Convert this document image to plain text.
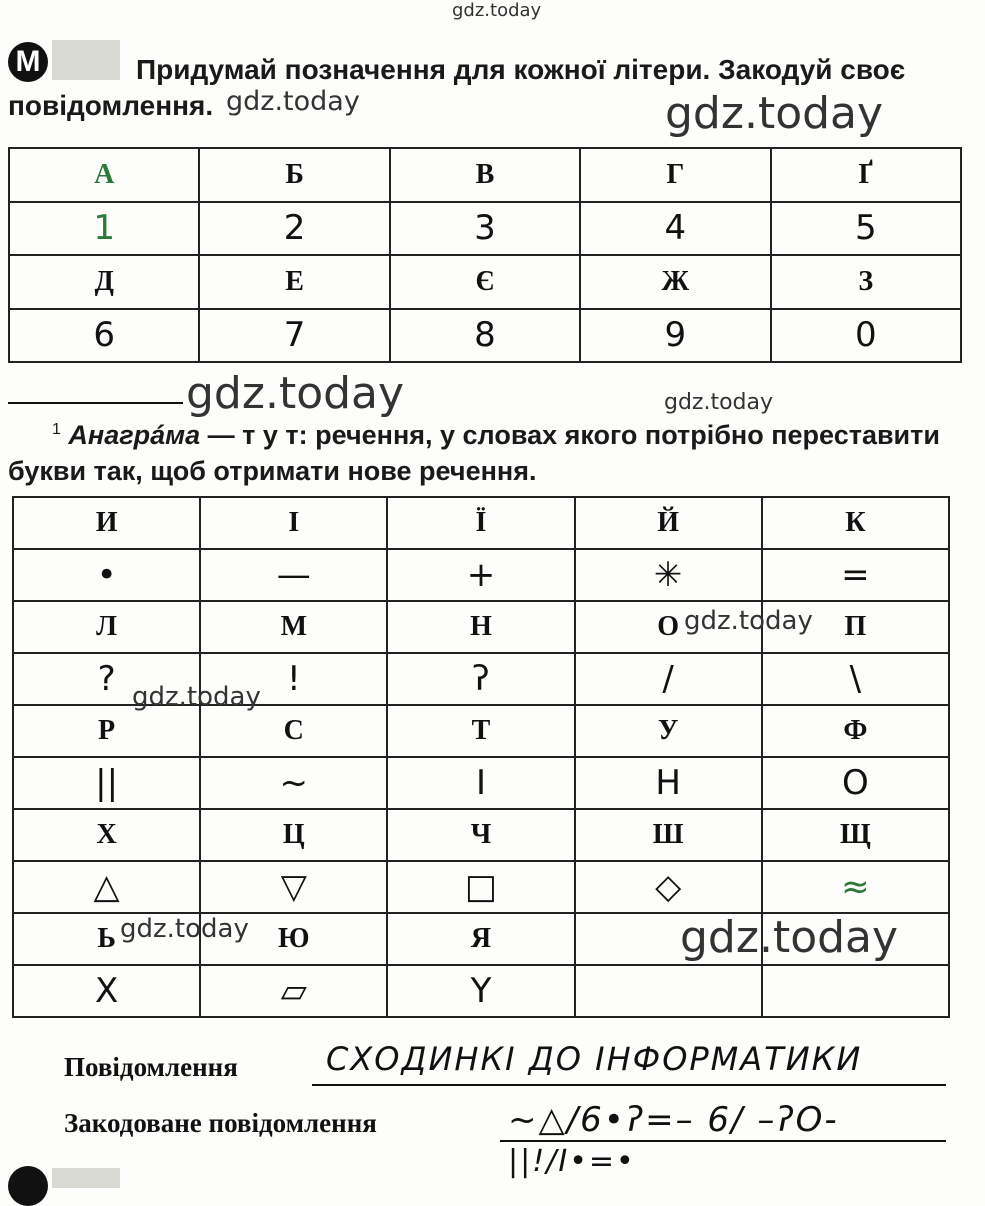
gdz.today
gdz.today	gdz.today
gdz.today	gdz.today
М	Придумай позначення для кожної літери. Закодуй своє повідомлення.
А	Б	В	Г	Ґ
1	2	3	4	5
Д	Е	Є	Ж	З
6	7	8	9	0
$^1$ Анагрáма — т у т: речення, у словах якого потрібно переставити букви так, щоб отримати нове речення.
И	І	Ї	Й	К
•	—	+	✳	=
Л	М	Н	О	П
?	!	ʔ	/	\
Р	С	Т	У	Ф
||	~	I	H	O
Х	Ц	Ч	Ш	Щ
△	▽	□	◇	≈
Ь	Ю	Я		
X	▱	Y		
gdz.today
gdz.today
gdz.today	gdz.today
Повідомлення	СХОДИНКІ ДО ІНФОРМАТИКИ
Закодоване повідомлення	~△/6•ʔ=– 6/ –ʔO-
||!/I•=•
